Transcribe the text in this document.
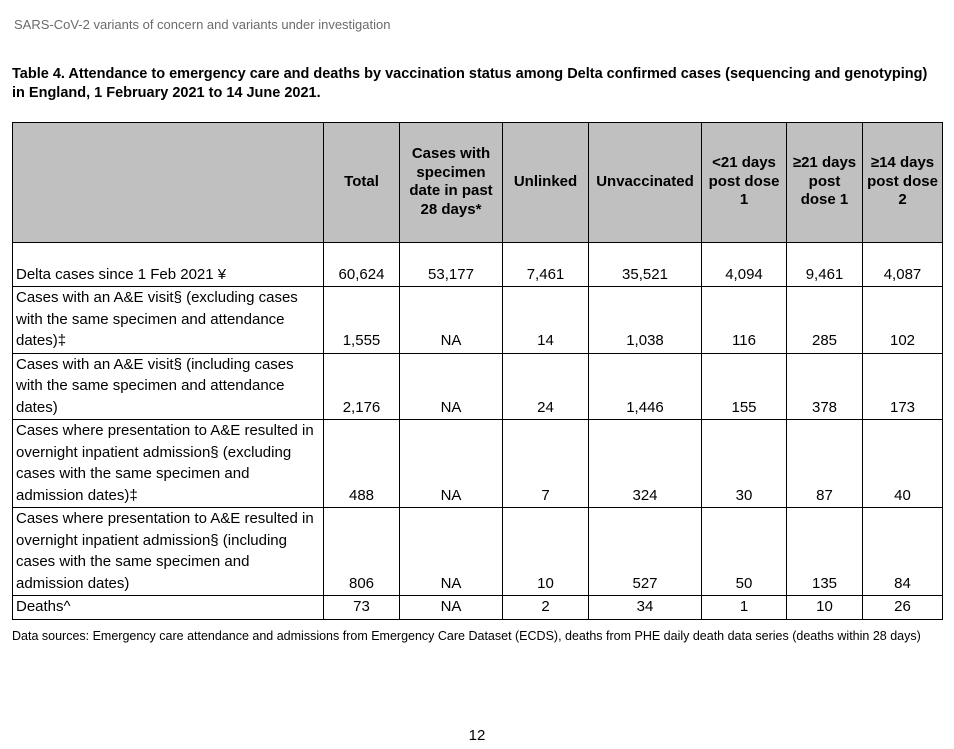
SARS-CoV-2 variants of concern and variants under investigation
Table 4. Attendance to emergency care and deaths by vaccination status among Delta confirmed cases (sequencing and genotyping) in England, 1 February 2021 to 14 June 2021.
	Total	Cases with specimen date in past 28 days*	Unlinked	Unvaccinated	<21 days post dose 1	≥21 days post dose 1	≥14 days post dose 2
Delta cases since 1 Feb 2021 ¥	60,624	53,177	7,461	35,521	4,094	9,461	4,087
Cases with an A&E visit§ (excluding cases with the same specimen and attendance dates)‡	1,555	NA	14	1,038	116	285	102
Cases with an A&E visit§ (including cases with the same specimen and attendance dates)	2,176	NA	24	1,446	155	378	173
Cases where presentation to A&E resulted in overnight inpatient admission§ (excluding cases with the same specimen and admission dates)‡	488	NA	7	324	30	87	40
Cases where presentation to A&E resulted in overnight inpatient admission§ (including cases with the same specimen and admission dates)	806	NA	10	527	50	135	84
Deaths^	73	NA	2	34	1	10	26
Data sources: Emergency care attendance and admissions from Emergency Care Dataset (ECDS), deaths from PHE daily death data series (deaths within 28 days)
12
